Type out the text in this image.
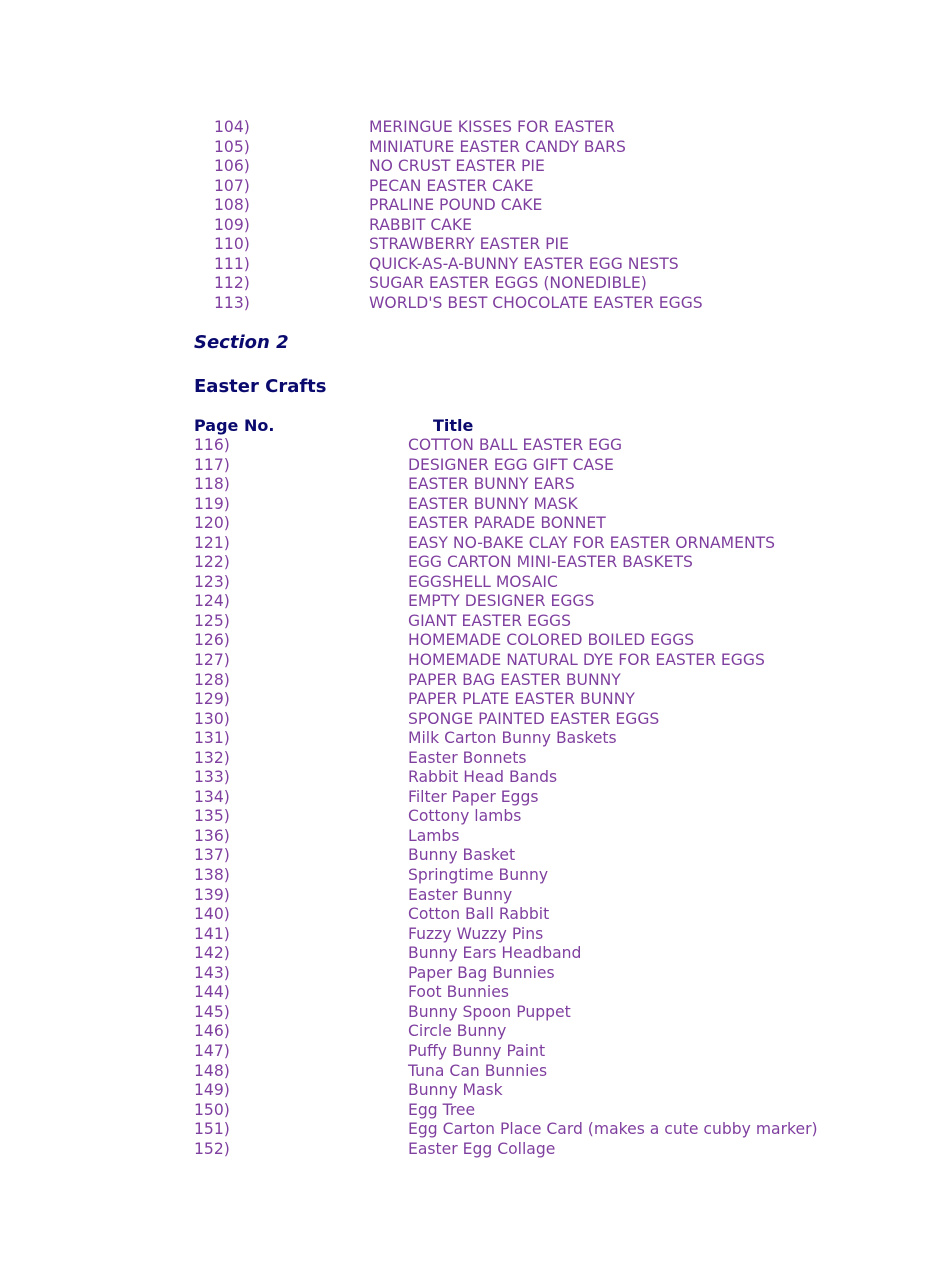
104)	MERINGUE KISSES FOR EASTER
105)	MINIATURE EASTER CANDY BARS
106)	NO CRUST EASTER PIE
107)	PECAN EASTER CAKE
108)	PRALINE POUND CAKE
109)	RABBIT CAKE
110)	STRAWBERRY EASTER PIE
111)	QUICK-AS-A-BUNNY EASTER EGG NESTS
112)	SUGAR EASTER EGGS (NONEDIBLE)
113)	WORLD'S BEST CHOCOLATE EASTER EGGS
Section 2
Easter Crafts
Page No.	Title
116)	COTTON BALL EASTER EGG
117)	DESIGNER EGG GIFT CASE
118)	EASTER BUNNY EARS
119)	EASTER BUNNY MASK
120)	EASTER PARADE BONNET
121)	EASY NO-BAKE CLAY FOR EASTER ORNAMENTS
122)	EGG CARTON MINI-EASTER BASKETS
123)	EGGSHELL MOSAIC
124)	EMPTY DESIGNER EGGS
125)	GIANT EASTER EGGS
126)	HOMEMADE COLORED BOILED EGGS
127)	HOMEMADE NATURAL DYE FOR EASTER EGGS
128)	PAPER BAG EASTER BUNNY
129)	PAPER PLATE EASTER BUNNY
130)	SPONGE PAINTED EASTER EGGS
131)	Milk Carton Bunny Baskets
132)	Easter Bonnets
133)	Rabbit Head Bands
134)	Filter Paper Eggs
135)	Cottony lambs
136)	Lambs
137)	Bunny Basket
138)	Springtime Bunny
139)	Easter Bunny
140)	Cotton Ball Rabbit
141)	Fuzzy Wuzzy Pins
142)	Bunny Ears Headband
143)	Paper Bag Bunnies
144)	Foot Bunnies
145)	Bunny Spoon Puppet
146)	Circle Bunny
147)	Puffy Bunny Paint
148)	Tuna Can Bunnies
149)	Bunny Mask
150)	Egg Tree
151)	Egg Carton Place Card (makes a cute cubby marker)
152)	Easter Egg Collage
